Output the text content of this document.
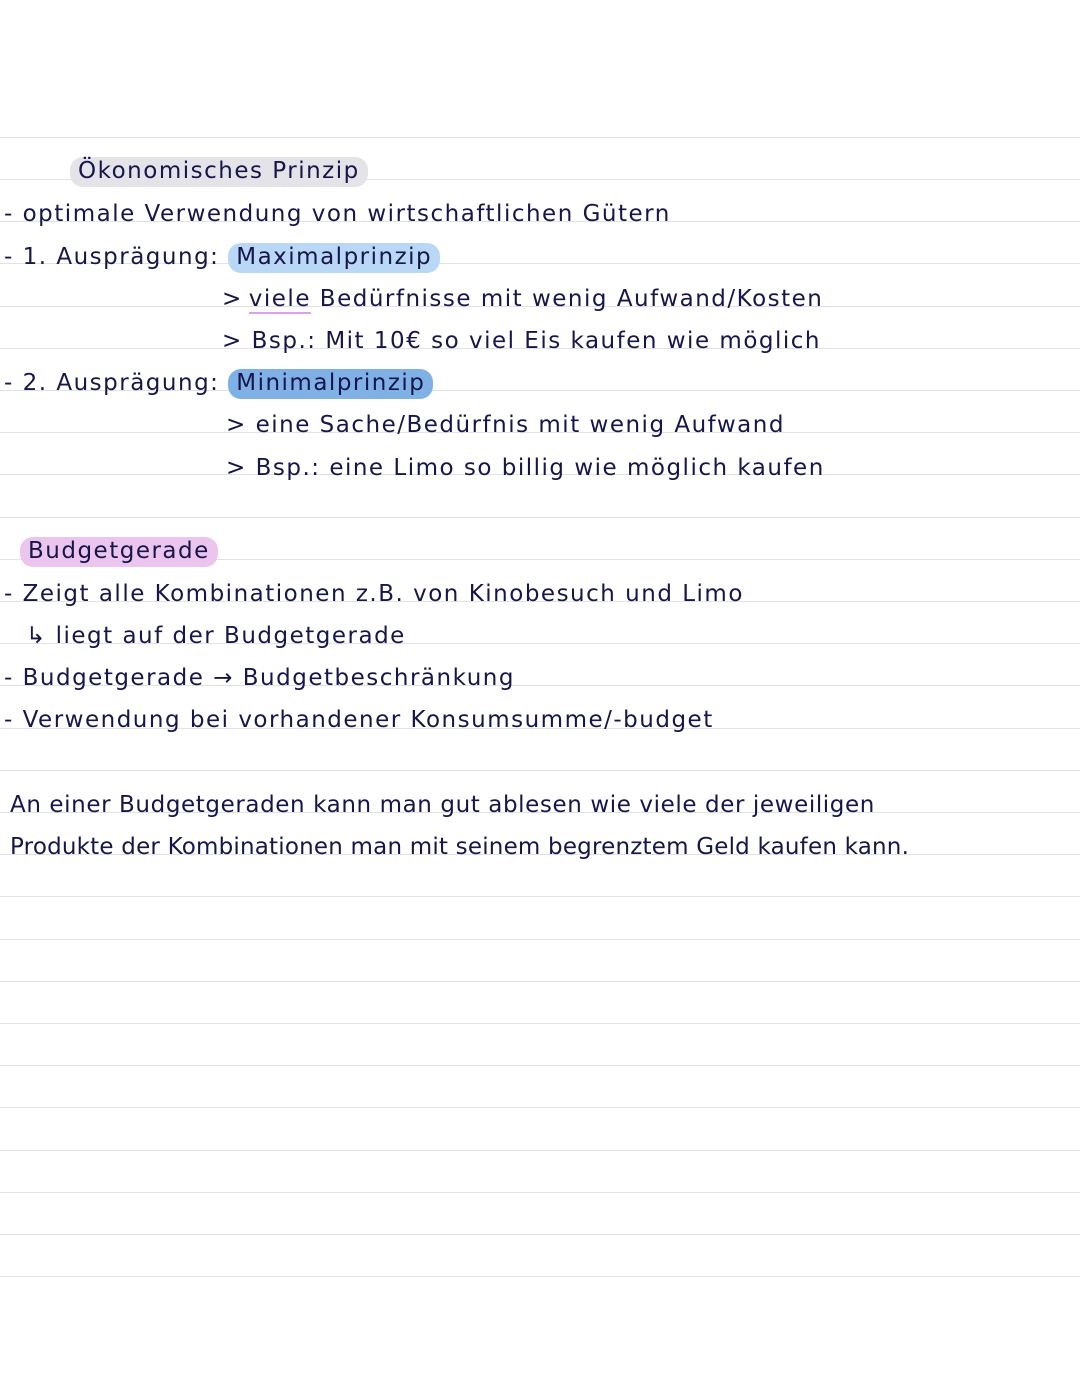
Ökonomisches Prinzip
- optimale Verwendung von wirtschaftlichen Gütern
- 1. Ausprägung: Maximalprinzip
> viele Bedürfnisse mit wenig Aufwand/Kosten
> Bsp.: Mit 10€ so viel Eis kaufen wie möglich
- 2. Ausprägung: Minimalprinzip
> eine Sache/Bedürfnis mit wenig Aufwand
> Bsp.: eine Limo so billig wie möglich kaufen
Budgetgerade
- Zeigt alle Kombinationen z.B. von Kinobesuch und Limo
↳ liegt auf der Budgetgerade
- Budgetgerade → Budgetbeschränkung
- Verwendung bei vorhandener Konsumsumme/-budget
An einer Budgetgeraden kann man gut ablesen wie viele der jeweiligen
Produkte der Kombinationen man mit seinem begrenztem Geld kaufen kann.
